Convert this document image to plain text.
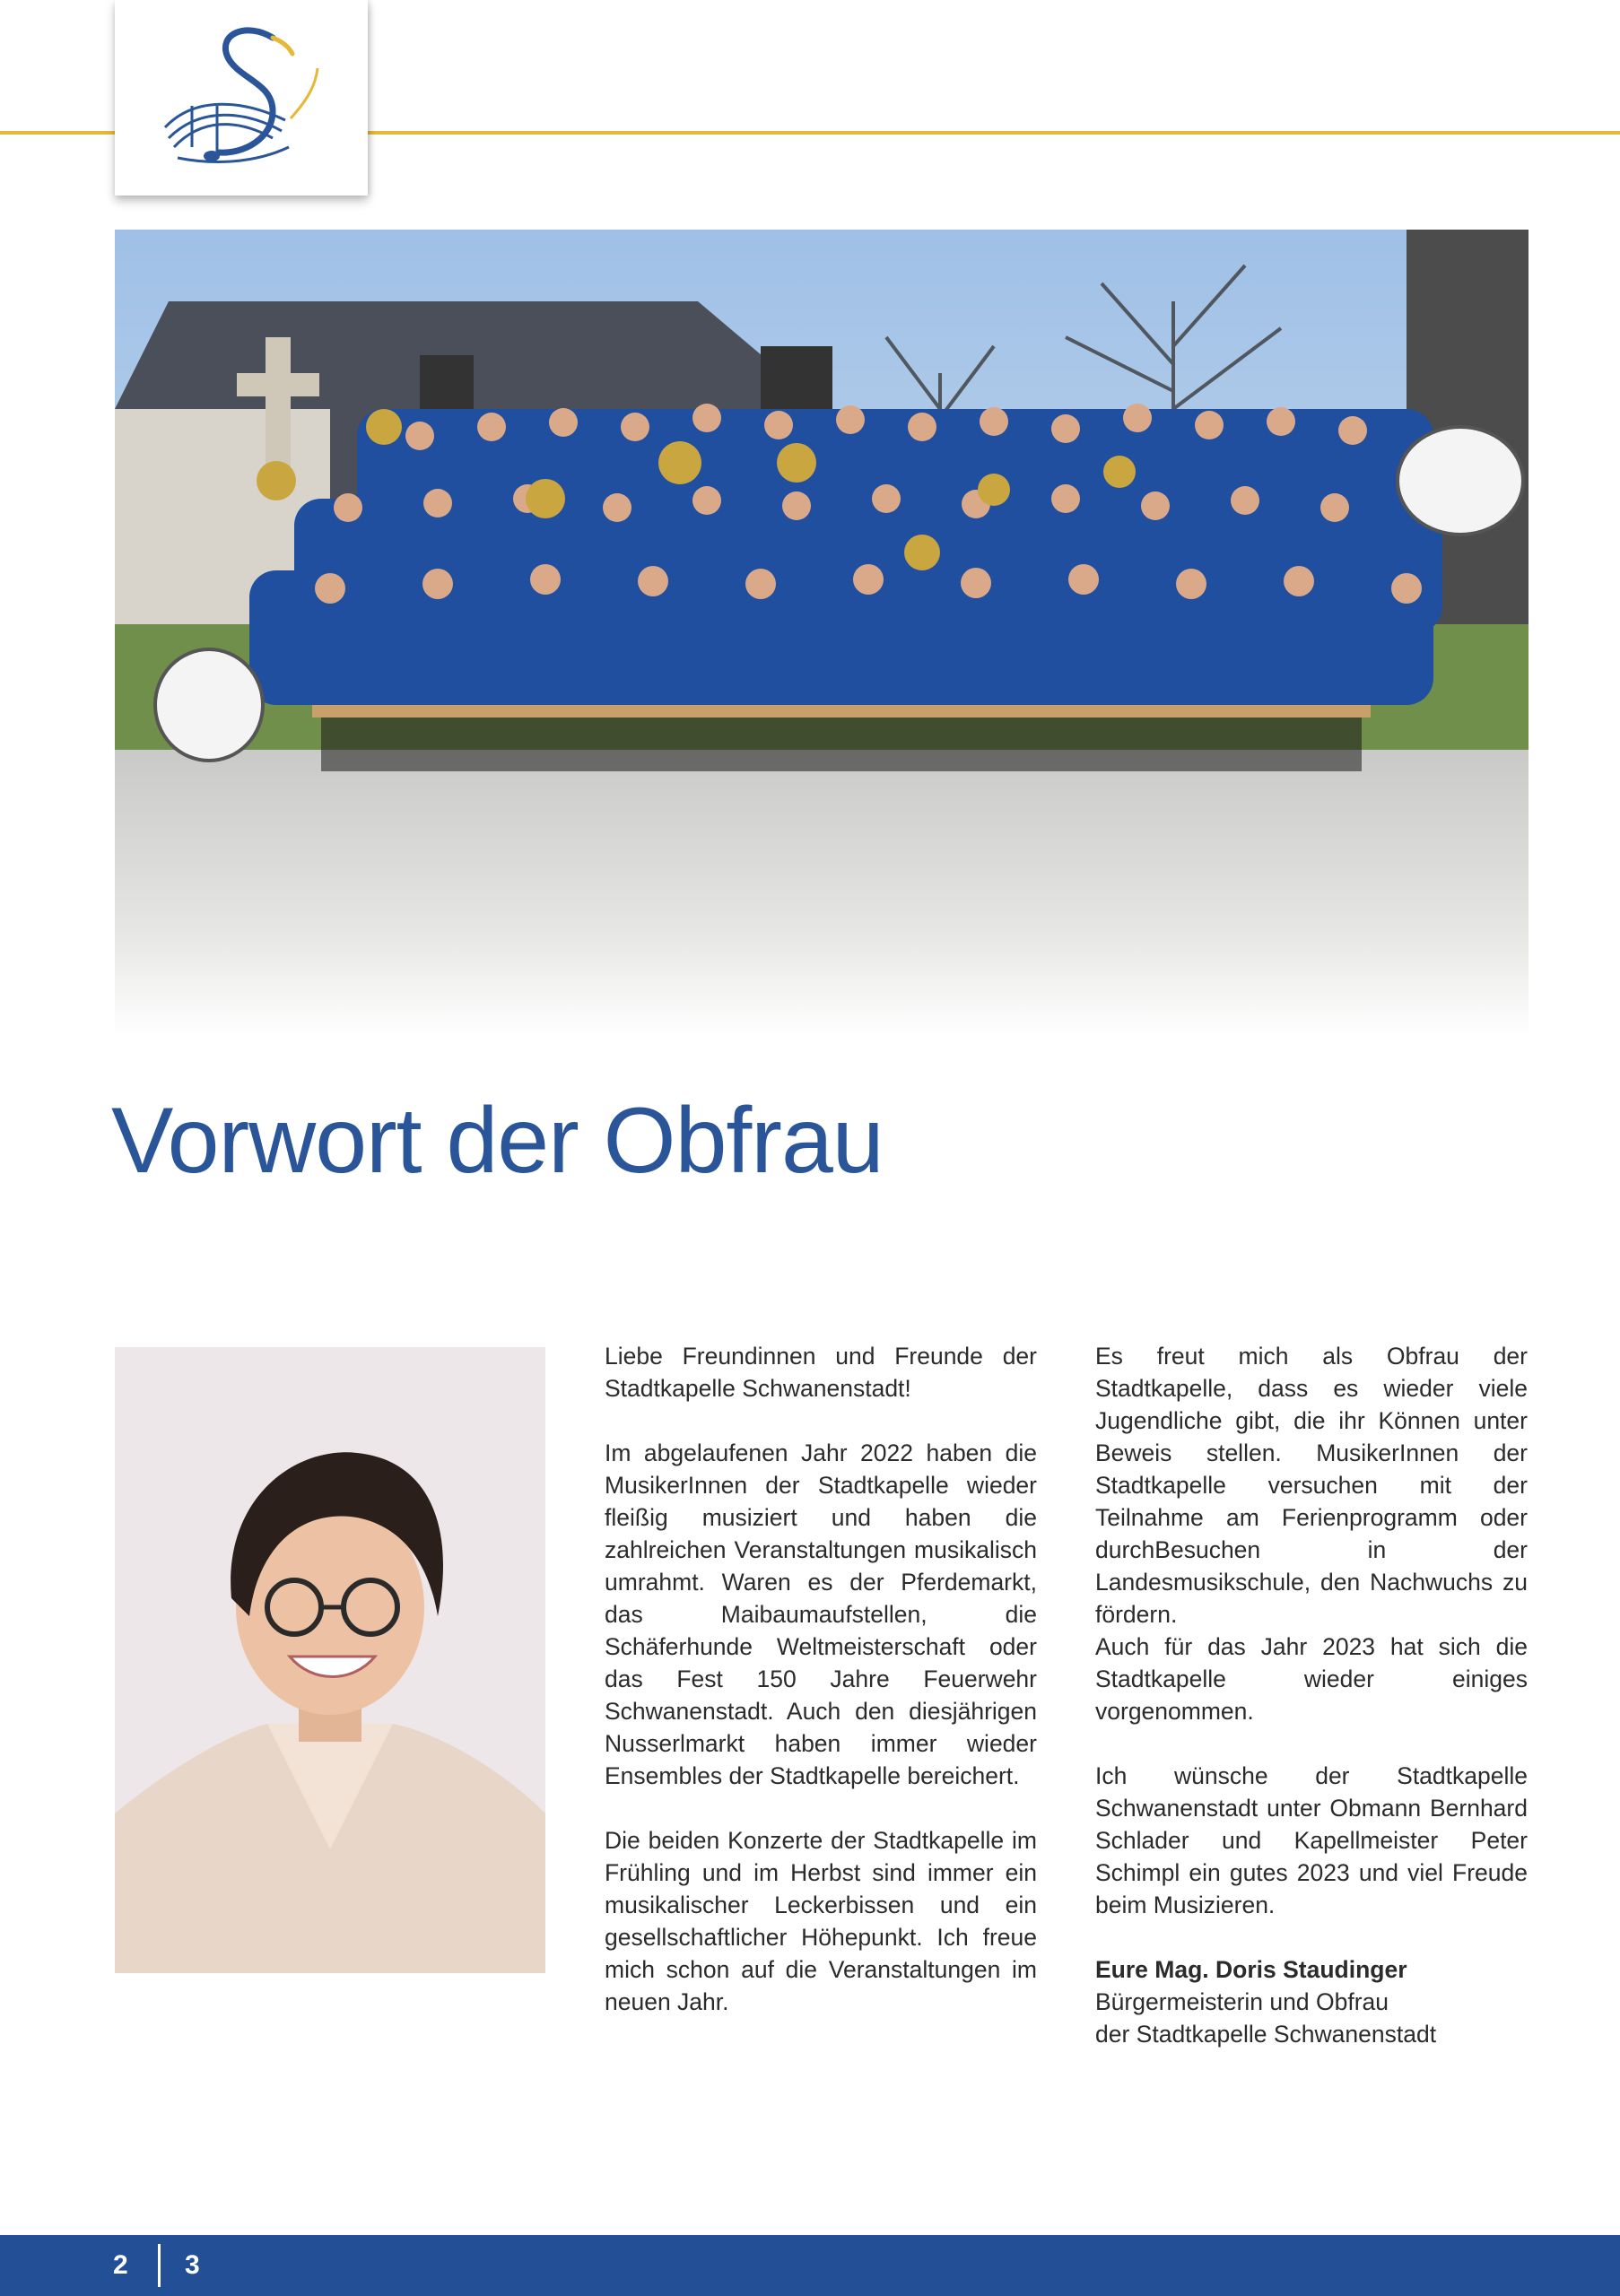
Vorwort der Obfrau

Liebe Freundinnen und Freunde der Stadtkapelle Schwanenstadt!

Im abgelaufenen Jahr 2022 haben die MusikerInnen der Stadtkapelle wieder fleißig musiziert und haben die zahlreichen Veranstaltungen musikalisch umrahmt. Waren es der Pferdemarkt, das Maibaumaufstellen, die Schäferhunde Weltmeisterschaft oder das Fest 150 Jahre Feuerwehr Schwanenstadt. Auch den diesjährigen Nusserlmarkt haben immer wieder Ensembles der Stadtkapelle bereichert.

Die beiden Konzerte der Stadtkapelle im Frühling und im Herbst sind immer ein musikalischer Leckerbissen und ein gesellschaftlicher Höhepunkt. Ich freue mich schon auf die Veranstaltungen im neuen Jahr.

Es freut mich als Obfrau der Stadtkapelle, dass es wieder viele Jugendliche gibt, die ihr Können unter Beweis stellen. MusikerInnen der Stadtkapelle versuchen mit der Teilnahme am Ferienprogramm oder durchBesuchen in der Landesmusikschule, den Nachwuchs zu fördern.
Auch für das Jahr 2023 hat sich die Stadtkapelle wieder einiges vorgenommen.

Ich wünsche der Stadtkapelle Schwanenstadt unter Obmann Bernhard Schlader und Kapellmeister Peter Schimpl ein gutes 2023 und viel Freude beim Musizieren.

Eure Mag. Doris Staudinger
Bürgermeisterin und Obfrau
der Stadtkapelle Schwanenstadt

2 3
